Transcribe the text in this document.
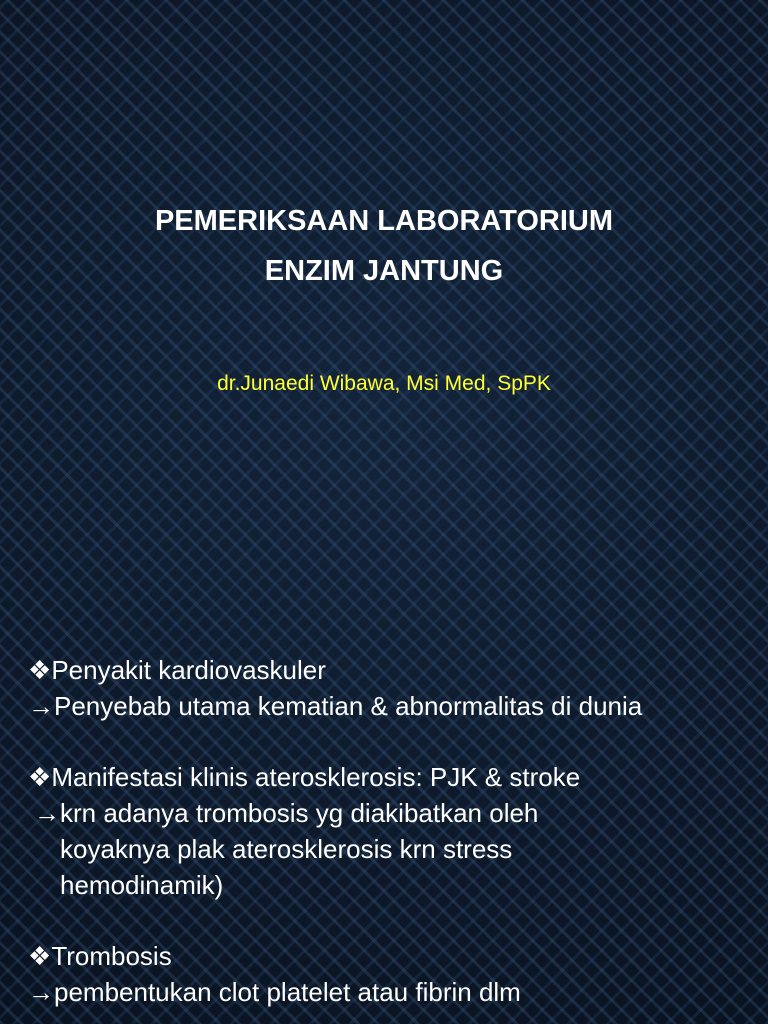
PEMERIKSAAN LABORATORIUM
ENZIM JANTUNG
dr.Junaedi Wibawa, Msi Med, SpPK
❖Penyakit kardiovaskuler
→Penyebab utama kematian & abnormalitas di dunia
❖Manifestasi klinis aterosklerosis: PJK & stroke
→krn adanya trombosis yg diakibatkan oleh
koyaknya plak aterosklerosis krn stress
hemodinamik)
❖Trombosis
→pembentukan clot platelet atau fibrin dlm
